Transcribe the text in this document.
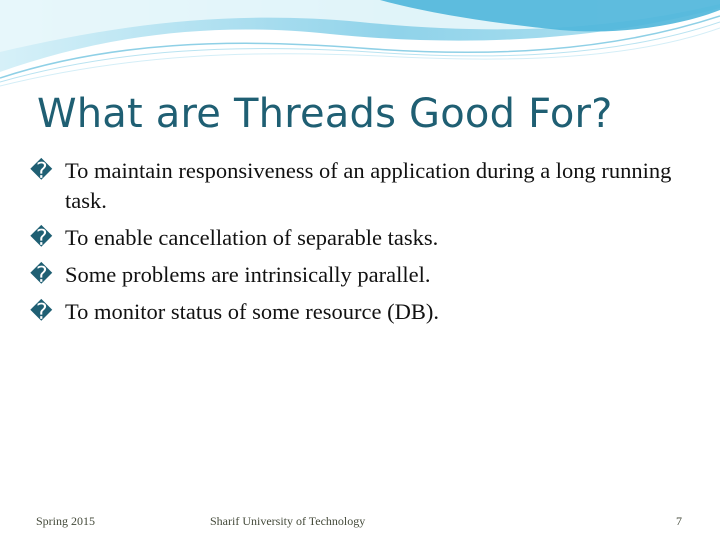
What are Threads Good For?
� To maintain responsiveness of an application during a long running task.
� To enable cancellation of separable tasks.
� Some problems are intrinsically parallel.
� To monitor status of some resource (DB).
Spring 2015	Sharif University of Technology	7
